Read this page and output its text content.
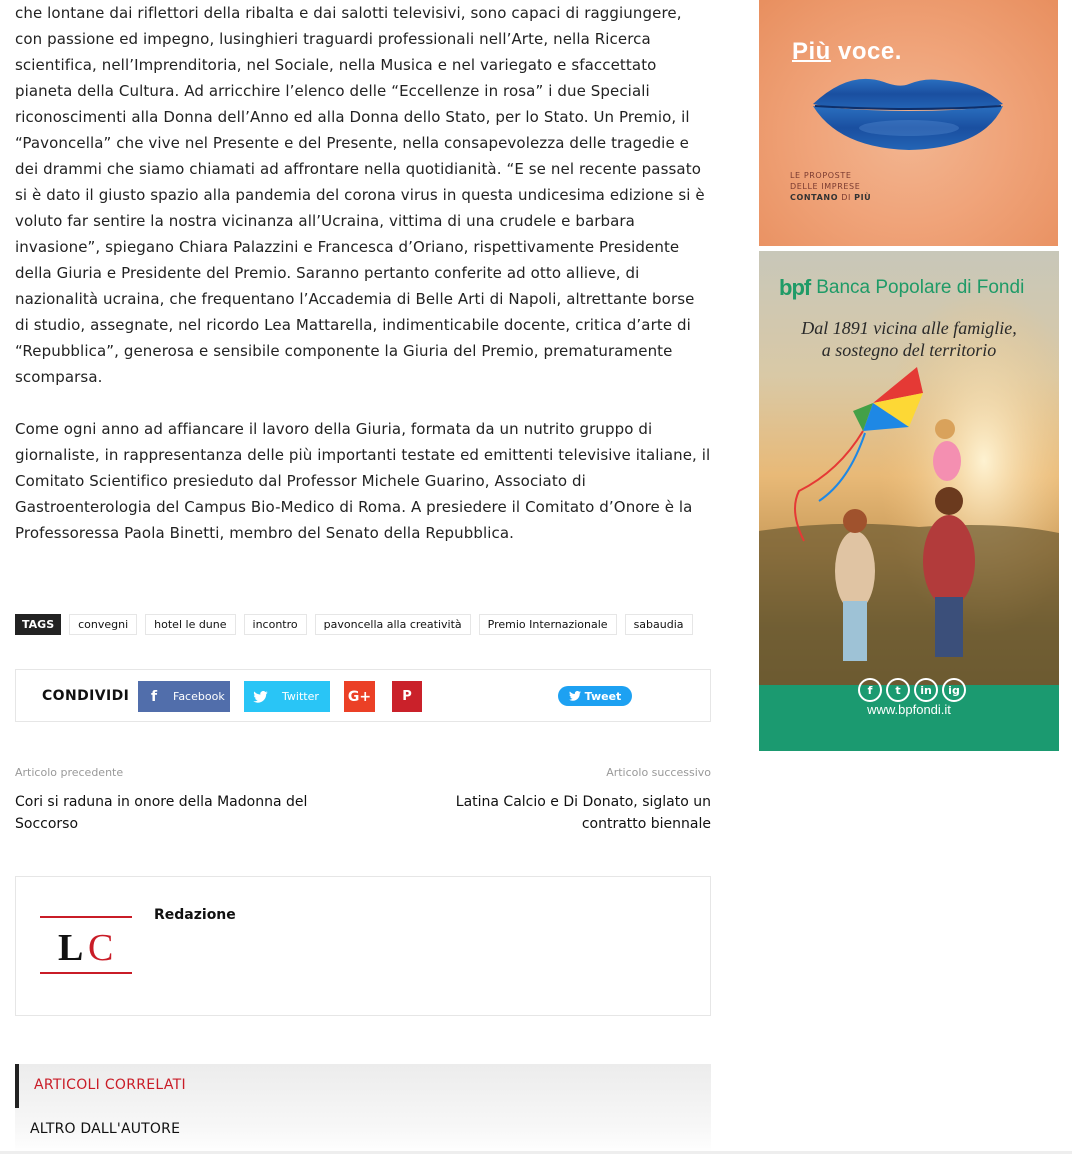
che lontane dai riflettori della ribalta e dai salotti televisivi, sono capaci di raggiungere, con passione ed impegno, lusinghieri traguardi professionali nell’Arte, nella Ricerca scientifica, nell’Imprenditoria, nel Sociale, nella Musica e nel variegato e sfaccettato pianeta della Cultura. Ad arricchire l’elenco delle “Eccellenze in rosa” i due Speciali riconoscimenti alla Donna dell’Anno ed alla Donna dello Stato, per lo Stato. Un Premio, il “Pavoncella” che vive nel Presente e del Presente, nella consapevolezza delle tragedie e dei drammi che siamo chiamati ad affrontare nella quotidianità. “E se nel recente passato si è dato il giusto spazio alla pandemia del corona virus in questa undicesima edizione si è voluto far sentire la nostra vicinanza all’Ucraina, vittima di una crudele e barbara invasione”, spiegano Chiara Palazzini e Francesca d’Oriano, rispettivamente Presidente della Giuria e Presidente del Premio. Saranno pertanto conferite ad otto allieve, di nazionalità ucraina, che frequentano l’Accademia di Belle Arti di Napoli, altrettante borse di studio, assegnate, nel ricordo Lea Mattarella, indimenticabile docente, critica d’arte di “Repubblica”, generosa e sensibile componente la Giuria del Premio, prematuramente scomparsa.

Come ogni anno ad affiancare il lavoro della Giuria, formata da un nutrito gruppo di giornaliste, in rappresentanza delle più importanti testate ed emittenti televisive italiane, il Comitato Scientifico presieduto dal Professor Michele Guarino, Associato di Gastroenterologia del Campus Bio-Medico di Roma. A presiedere il Comitato d’Onore è la Professoressa Paola Binetti, membro del Senato della Repubblica.

TAGS	convegni	hotel le dune	incontro	pavoncella alla creatività	Premio Internazionale	sabaudia
CONDIVIDI	f	Facebook	Twitter G+	P	Tweet
Articolo precedente
Cori si raduna in onore della Madonna del Soccorso
Articolo successivo
Latina Calcio e Di Donato, siglato un contratto biennale
L C
Redazione
ARTICOLI CORRELATI
ALTRO DALL'AUTORE
Più voce.
LE PROPOSTE
DELLE IMPRESE
CONTANO DI PIÙ
bpf Banca Popolare di Fondi
Dal 1891 vicina alle famiglie,
a sostegno del territorio
f	t	in	ig
www.bpfondi.it
